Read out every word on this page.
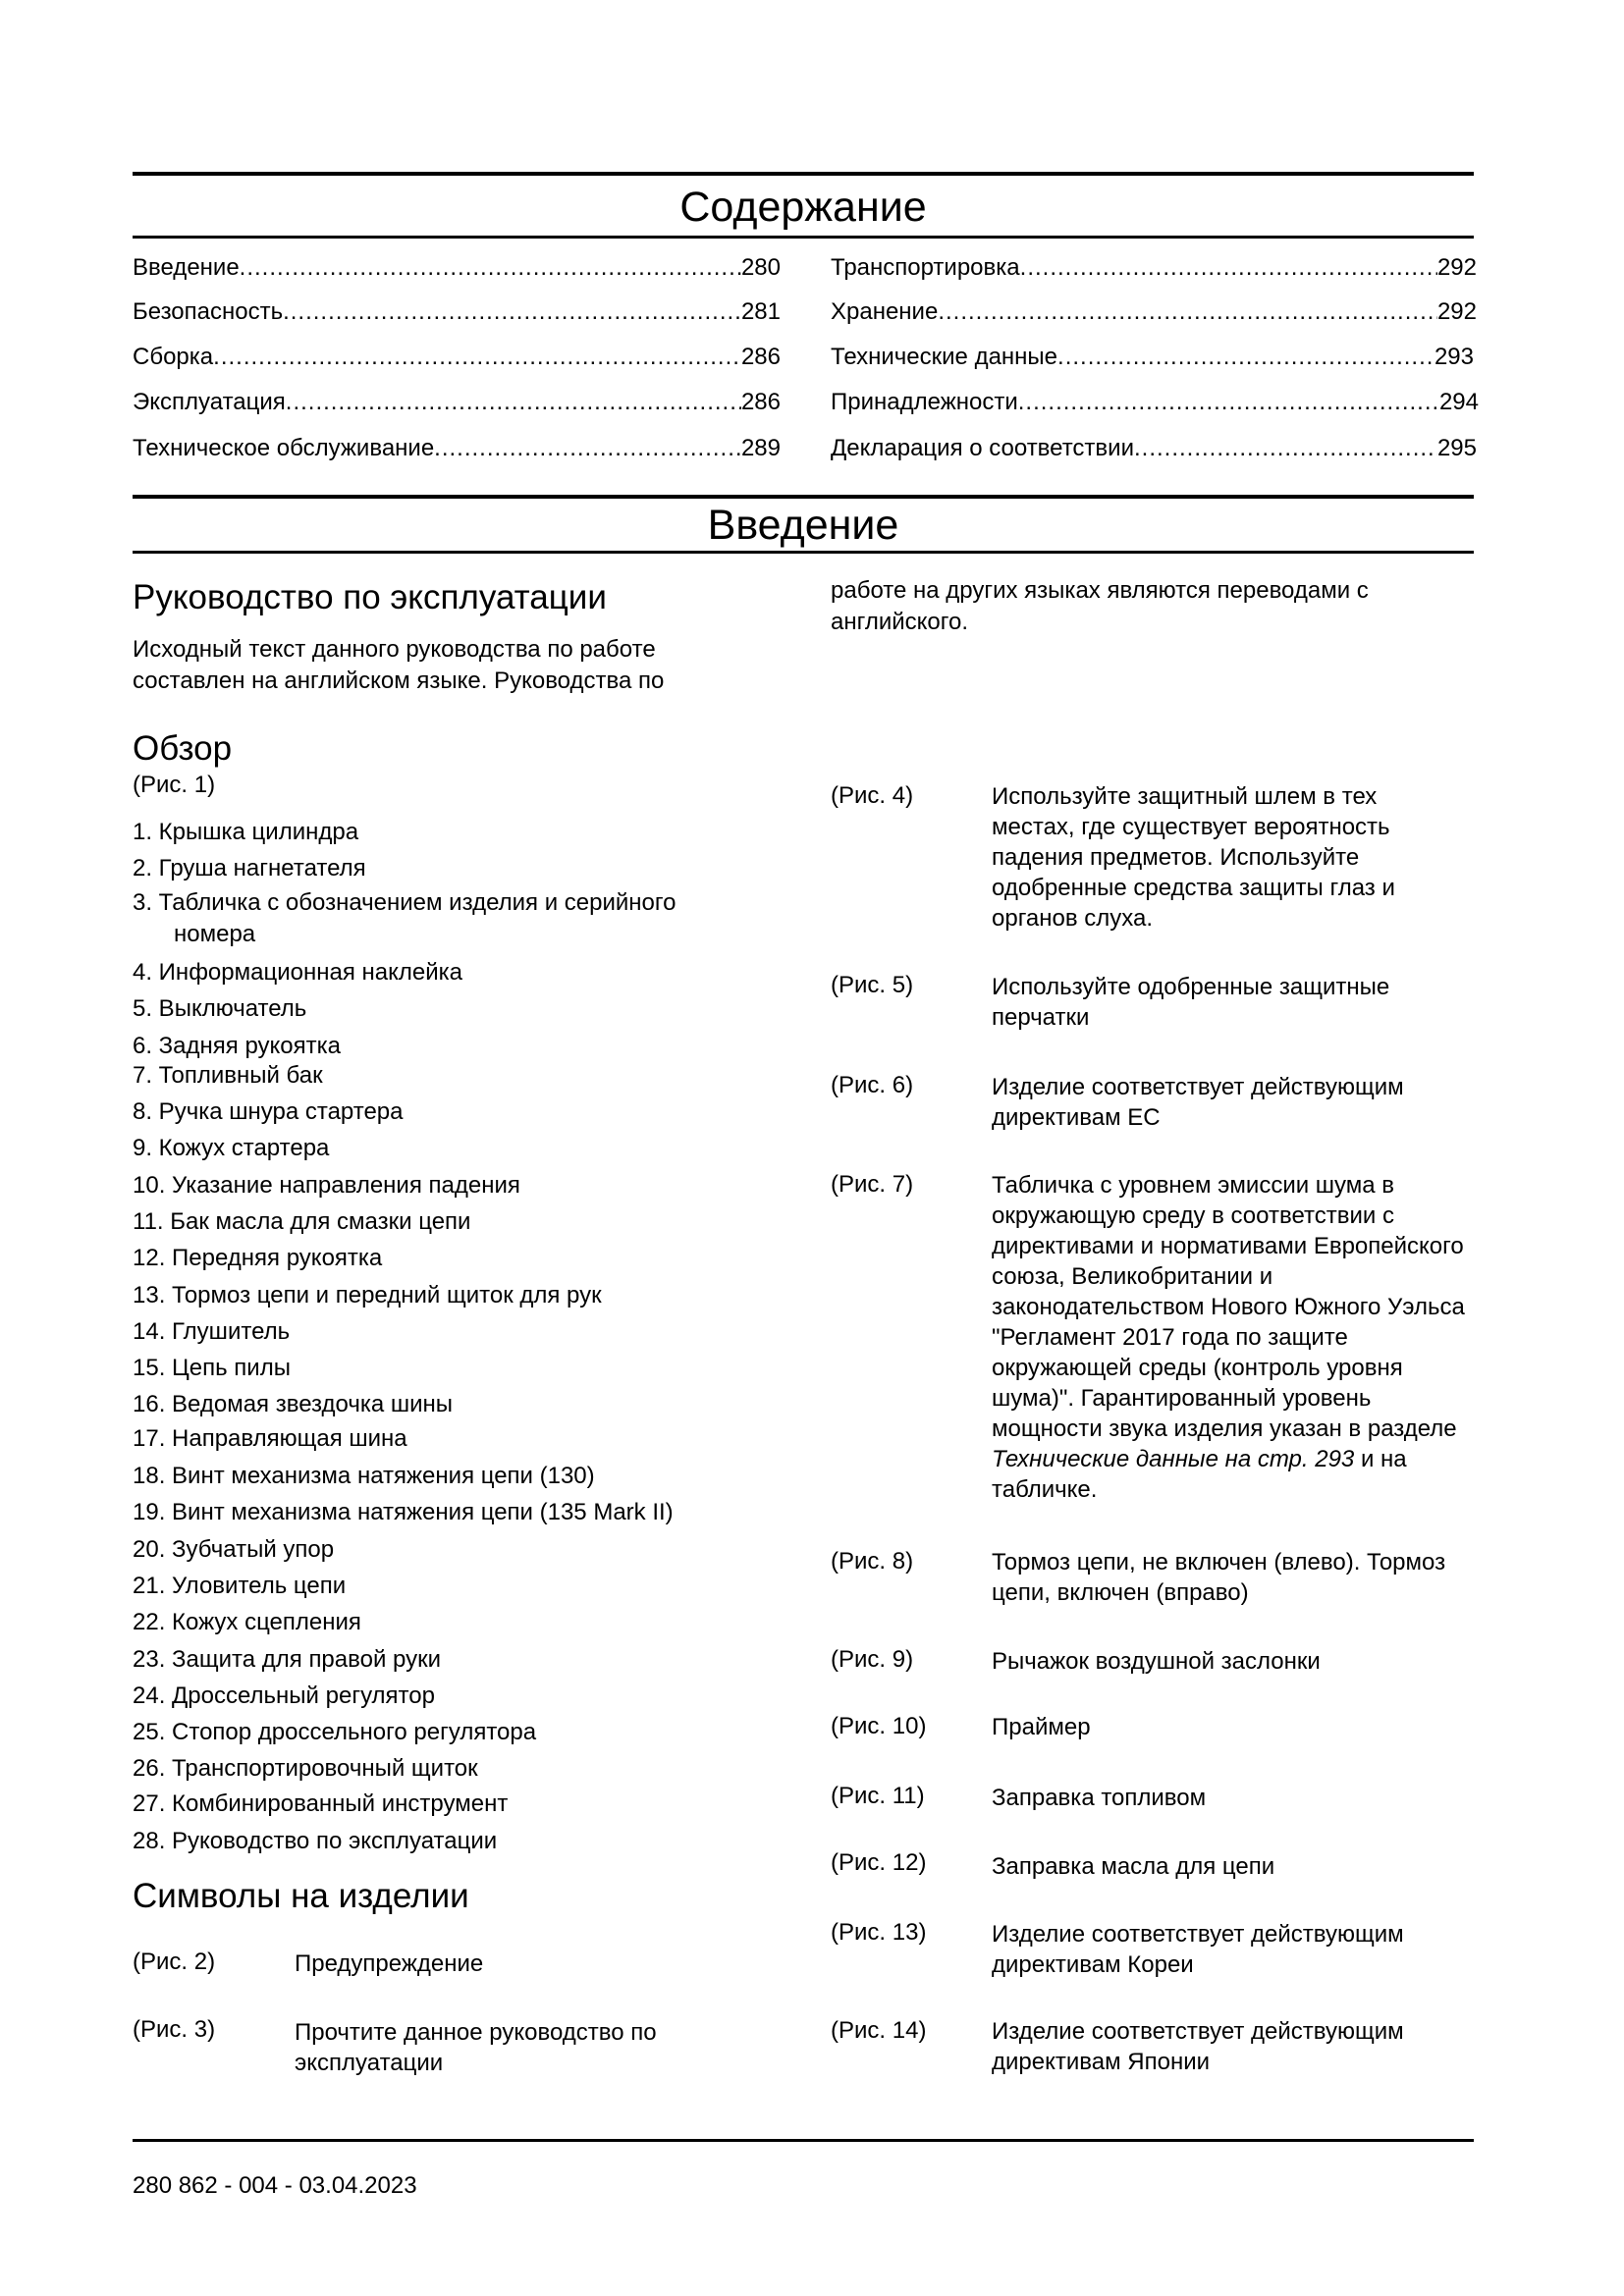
Содержание
Введение .....	280
Безопасность .....	281
Сборка .....	286
Эксплуатация .....	286
Техническое обслуживание .....	289
Транспортировка .....	292
Хранение .....	292
Технические данные .....	293
Принадлежности .....	294
Декларация о соответствии .....	295
Введение
Руководство по эксплуатации
Исходный текст данного руководства по работе составлен на английском языке. Руководства по
работе на других языках являются переводами с английского.
Обзор
(Рис. 1)
1. Крышка цилиндра
2. Груша нагнетателя
3. Табличка с обозначением изделия и серийного
номера
4. Информационная наклейка
5. Выключатель
6. Задняя рукоятка
7. Топливный бак
8. Ручка шнура стартера
9. Кожух стартера
10. Указание направления падения
11. Бак масла для смазки цепи
12. Передняя рукоятка
13. Тормоз цепи и передний щиток для рук
14. Глушитель
15. Цепь пилы
16. Ведомая звездочка шины
17. Направляющая шина
18. Винт механизма натяжения цепи (130)
19. Винт механизма натяжения цепи (135 Mark II)
20. Зубчатый упор
21. Уловитель цепи
22. Кожух сцепления
23. Защита для правой руки
24. Дроссельный регулятор
25. Стопор дроссельного регулятора
26. Транспортировочный щиток
27. Комбинированный инструмент
28. Руководство по эксплуатации
Символы на изделии
(Рис. 2)	Предупреждение
(Рис. 3)	Прочтите данное руководство по эксплуатации
(Рис. 4)	Используйте защитный шлем в тех местах, где существует вероятность падения предметов. Используйте одобренные средства защиты глаз и органов слуха.
(Рис. 5)	Используйте одобренные защитные перчатки
(Рис. 6)	Изделие соответствует действующим директивам ЕС
(Рис. 7)	Табличка с уровнем эмиссии шума в окружающую среду в соответствии с директивами и нормативами Европейского союза, Великобритании и законодательством Нового Южного Уэльса "Регламент 2017 года по защите окружающей среды (контроль уровня шума)". Гарантированный уровень мощности звука изделия указан в разделе Технические данные на стр. 293 и на табличке.
(Рис. 8)	Тормоз цепи, не включен (влево). Тормоз цепи, включен (вправо)
(Рис. 9)	Рычажок воздушной заслонки
(Рис. 10)	Праймер
(Рис. 11)	Заправка топливом
(Рис. 12)	Заправка масла для цепи
(Рис. 13)	Изделие соответствует действующим директивам Кореи
(Рис. 14)	Изделие соответствует действующим директивам Японии
280 862 - 004 - 03.04.2023
